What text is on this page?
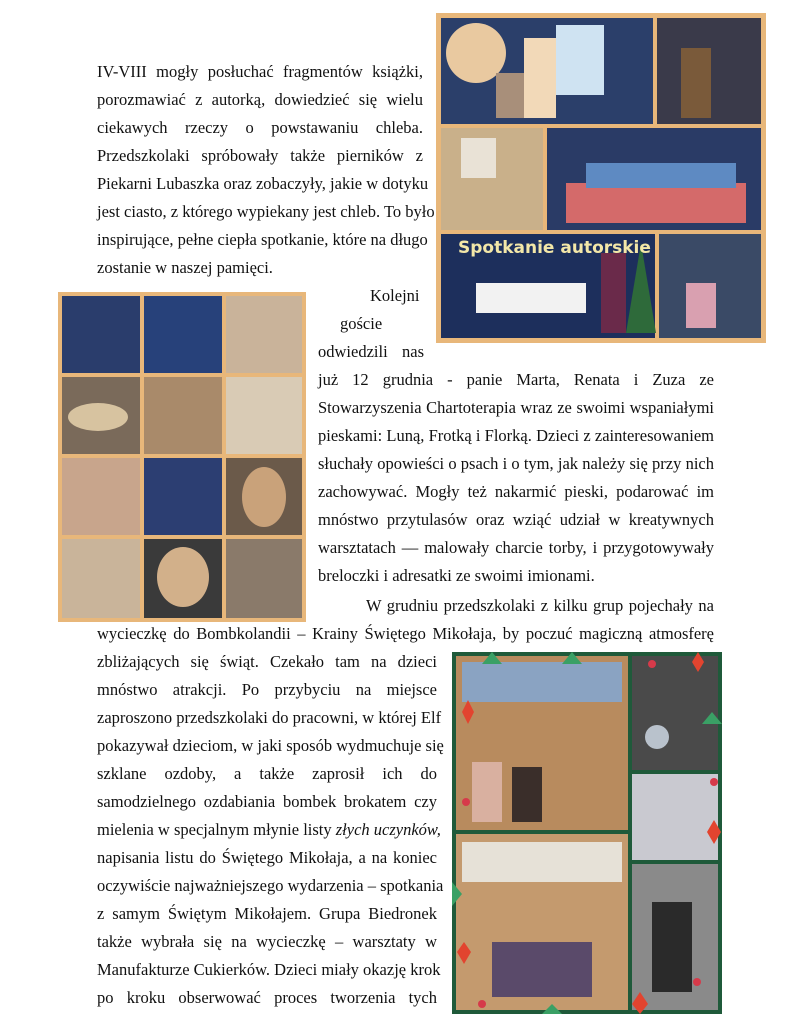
Spotkanie autorskie
IV-VIII mogły posłuchać fragmentów książki,
porozmawiać z autorką, dowiedzieć się wielu
ciekawych rzeczy o powstawaniu chleba.
Przedszkolaki spróbowały także pierników z
Piekarni Lubaszka oraz zobaczyły, jakie w dotyku
jest ciasto, z którego wypiekany jest chleb. To było
inspirujące, pełne ciepła spotkanie, które na długo
zostanie w naszej pamięci.
Kolejni
goście
odwiedzili nas
już 12 grudnia - panie Marta, Renata i Zuza ze
Stowarzyszenia Chartoterapia wraz ze swoimi wspaniałymi
pieskami: Luną, Frotką i Florką. Dzieci z zainteresowaniem
słuchały opowieści o psach i o tym, jak należy się przy nich
zachowywać. Mogły też nakarmić pieski, podarować im
mnóstwo przytulasów oraz wziąć udział w kreatywnych
warsztatach — malowały charcie torby, i przygotowywały
breloczki i adresatki ze swoimi imionami.
W grudniu przedszkolaki z kilku grup pojechały na
wycieczkę do Bombkolandii – Krainy Świętego Mikołaja, by poczuć magiczną atmosferę
zbliżających się świąt. Czekało tam na dzieci
mnóstwo atrakcji. Po przybyciu na miejsce
zaproszono przedszkolaki do pracowni, w której Elf
pokazywał dzieciom, w jaki sposób wydmuchuje się
szklane ozdoby, a także zaprosił ich do
samodzielnego ozdabiania bombek brokatem czy
mielenia w specjalnym młynie listy złych uczynków,
napisania listu do Świętego Mikołaja, a na koniec
oczywiście najważniejszego wydarzenia – spotkania
z samym Świętym Mikołajem. Grupa Biedronek
także wybrała się na wycieczkę – warsztaty w
Manufakturze Cukierków. Dzieci miały okazję krok
po kroku obserwować proces tworzenia tych
